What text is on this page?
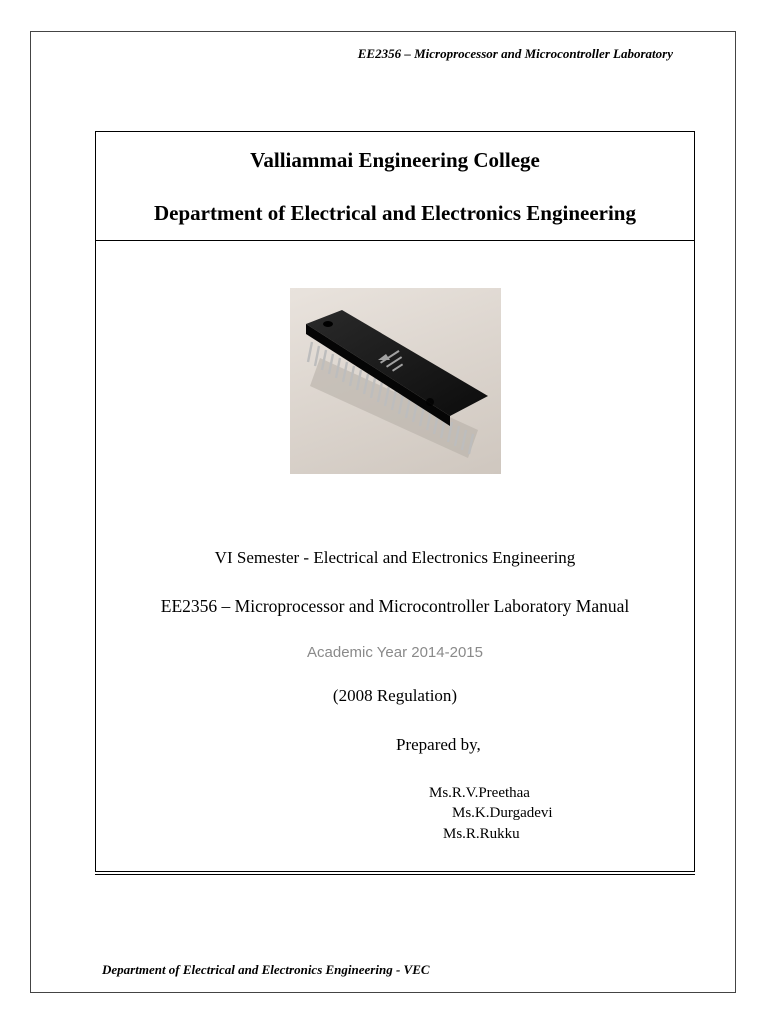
EE2356 – Microprocessor and Microcontroller Laboratory
Valliammai Engineering College
Department of Electrical and Electronics Engineering
VI Semester - Electrical and Electronics Engineering
EE2356 – Microprocessor and Microcontroller Laboratory Manual
Academic Year 2014-2015
(2008 Regulation)
Prepared by,
Ms.R.V.Preethaa
Ms.K.Durgadevi
Ms.R.Rukku
Department of Electrical and Electronics Engineering - VEC
